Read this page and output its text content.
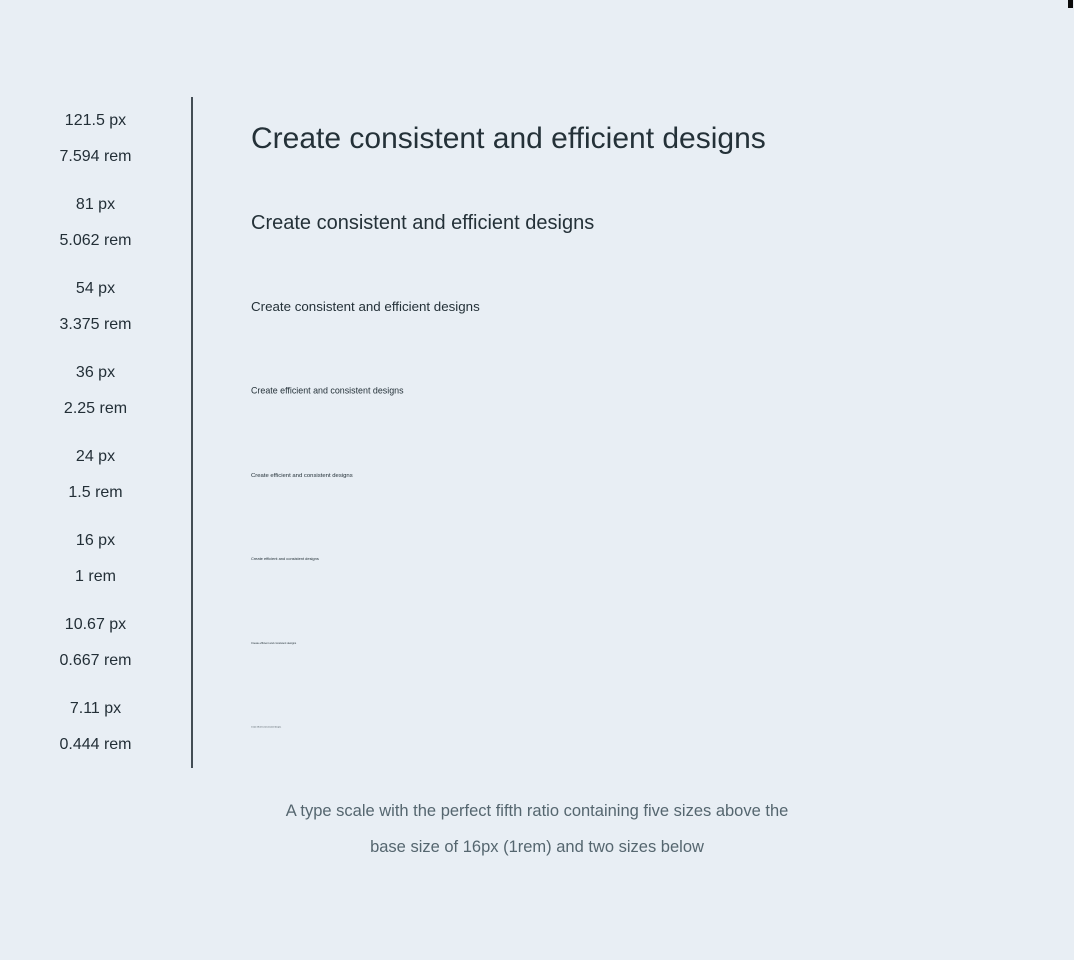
121.5 px
7.594 rem
Create consistent and efficient designs
81 px
5.062 rem
Create consistent and efficient designs
54 px
3.375 rem
Create consistent and efficient designs
36 px
2.25 rem
Create efficient and consistent designs
24 px
1.5 rem
Create efficient and consistent designs
16 px
1 rem
Create efficient and consistent designs
10.67 px
0.667 rem
Create efficient and consistent designs
7.11 px
0.444 rem
Create efficient and consistent designs
A type scale with the perfect fifth ratio containing five sizes above the
base size of 16px (1rem) and two sizes below
